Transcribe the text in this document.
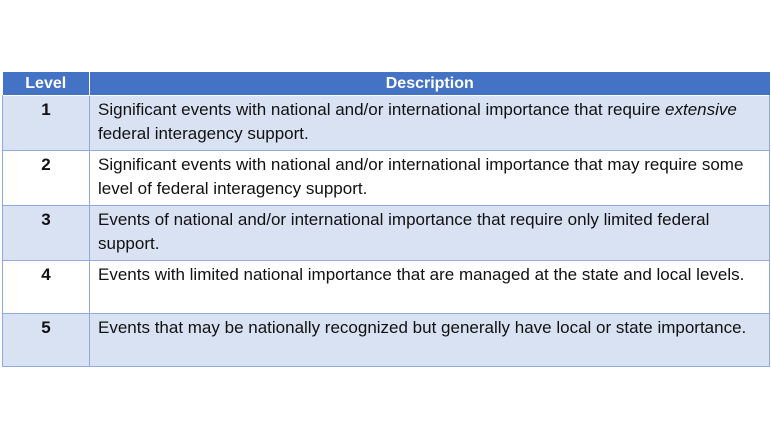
Level	Description
1	Significant events with national and/or international importance that require extensive federal interagency support.
2	Significant events with national and/or international importance that may require some level of federal interagency support.
3	Events of national and/or international importance that require only limited federal support.
4	Events with limited national importance that are managed at the state and local levels.
5	Events that may be nationally recognized but generally have local or state importance.
